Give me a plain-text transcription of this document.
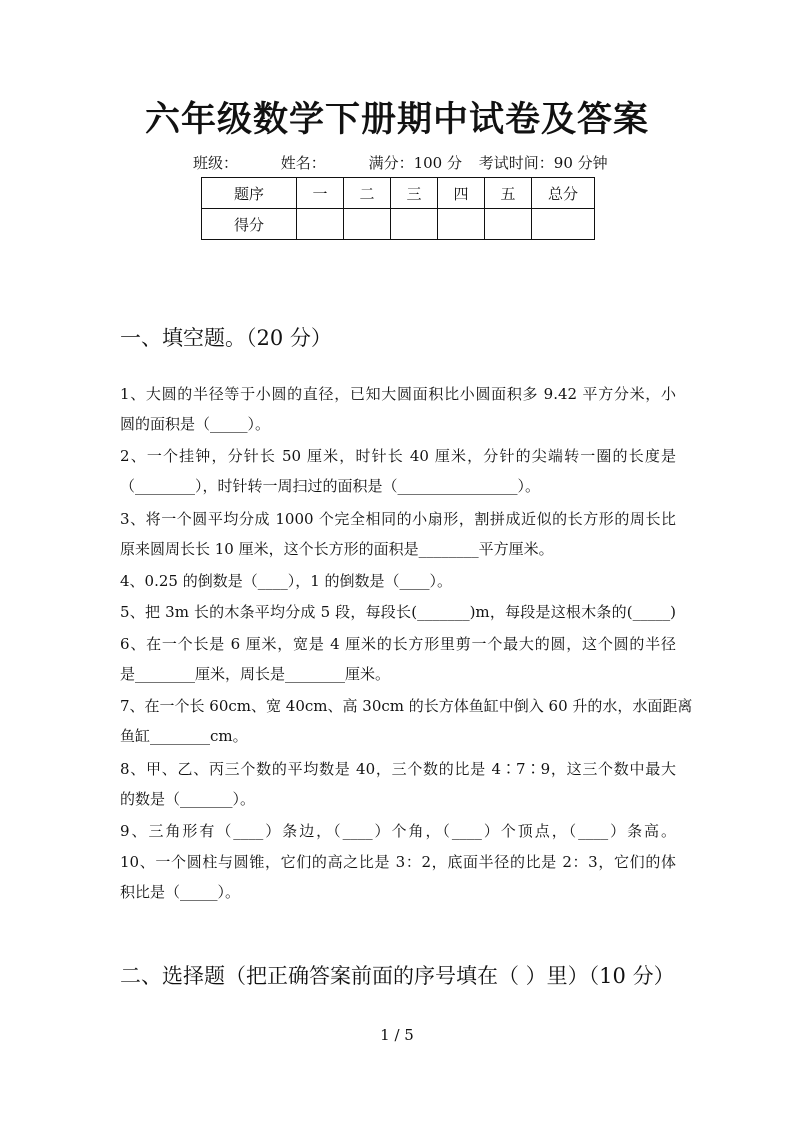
六年级数学下册期中试卷及答案
班级：	姓名：	满分：100 分 考试时间：90 分钟
题序	一	二	三	四	五	总分
得分						
一、填空题。（20 分）
1、大圆的半径等于小圆的直径，已知大圆面积比小圆面积多 9.42 平方分米，小
圆的面积是（_____）。
2、一个挂钟，分针长 50 厘米，时针长 40 厘米，分针的尖端转一圈的长度是
（________），时针转一周扫过的面积是（________________）。
3、将一个圆平均分成 1000 个完全相同的小扇形，割拼成近似的长方形的周长比
原来圆周长长 10 厘米，这个长方形的面积是________平方厘米。
4、0.25 的倒数是（____），1 的倒数是（____）。
5、把 3m 长的木条平均分成 5 段，每段长(_______)m，每段是这根木条的(_____)
6、在一个长是 6 厘米，宽是 4 厘米的长方形里剪一个最大的圆，这个圆的半径
是________厘米，周长是________厘米。
7、在一个长 60cm、宽 40cm、高 30cm 的长方体鱼缸中倒入 60 升的水，水面距离
鱼缸________cm。
8、甲、乙、丙三个数的平均数是 40，三个数的比是 4∶7∶9，这三个数中最大
的数是（_______）。
9、三角形有（____）条边，（____）个角，（____）个顶点，（____）条高。
10、一个圆柱与圆锥，它们的高之比是 3：2，底面半径的比是 2：3，它们的体
积比是（_____）。
二、选择题（把正确答案前面的序号填在（ ）里）（10 分）
1 / 5
